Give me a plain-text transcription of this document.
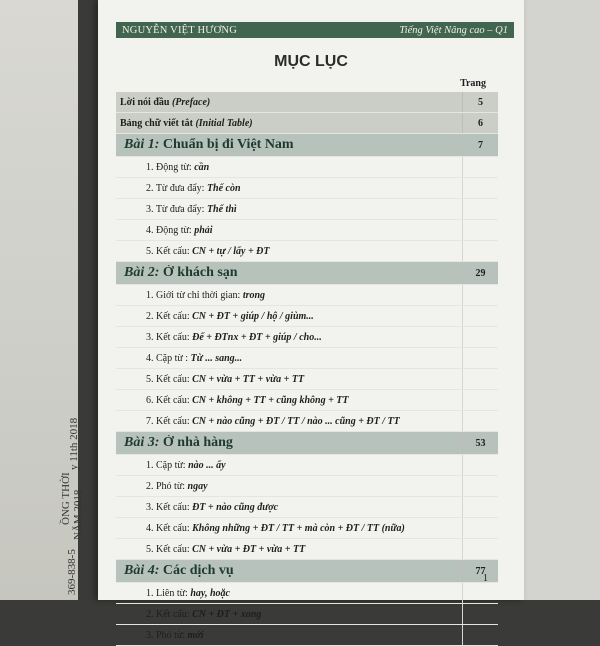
y 11th 2018
ỒNG THỜI NĂM 2018
369-838-5
NGUYỄN VIỆT HƯƠNG	Tiếng Việt Nâng cao – Q1
MỤC LỤC
Trang
Lời nói đầu (Preface)	5
Bảng chữ viết tắt (Initial Table)	6
Bài 1: Chuẩn bị đi Việt Nam	7
1. Động từ: cần
2. Từ đưa đẩy: Thế còn
3. Từ đưa đẩy: Thế thì
4. Động từ: phải
5. Kết cấu: CN + tự / lấy + ĐT
Bài 2: Ở khách sạn	29
1. Giới từ chỉ thời gian: trong
2. Kết cấu: CN + ĐT + giúp / hộ / giùm...
3. Kết cấu: Để + ĐTnx + ĐT + giúp / cho...
4. Cặp từ : Từ ... sang...
5. Kết cấu: CN + vừa + TT + vừa + TT
6. Kết cấu: CN + không + TT + cũng không + TT
7. Kết cấu: CN + nào cũng + ĐT / TT / nào ... cũng + ĐT / TT
Bài 3: Ở nhà hàng	53
1. Cặp từ: nào ... ấy
2. Phó từ: ngay
3. Kết cấu: ĐT + nào cũng được
4. Kết cấu: Không những + ĐT / TT + mà còn + ĐT / TT (nữa)
5. Kết cấu: CN + vừa + ĐT + vừa + TT
Bài 4: Các dịch vụ	77
1. Liên từ: hay, hoặc
2. Kết cấu: CN + ĐT + xong
3. Phó từ: mới
1
